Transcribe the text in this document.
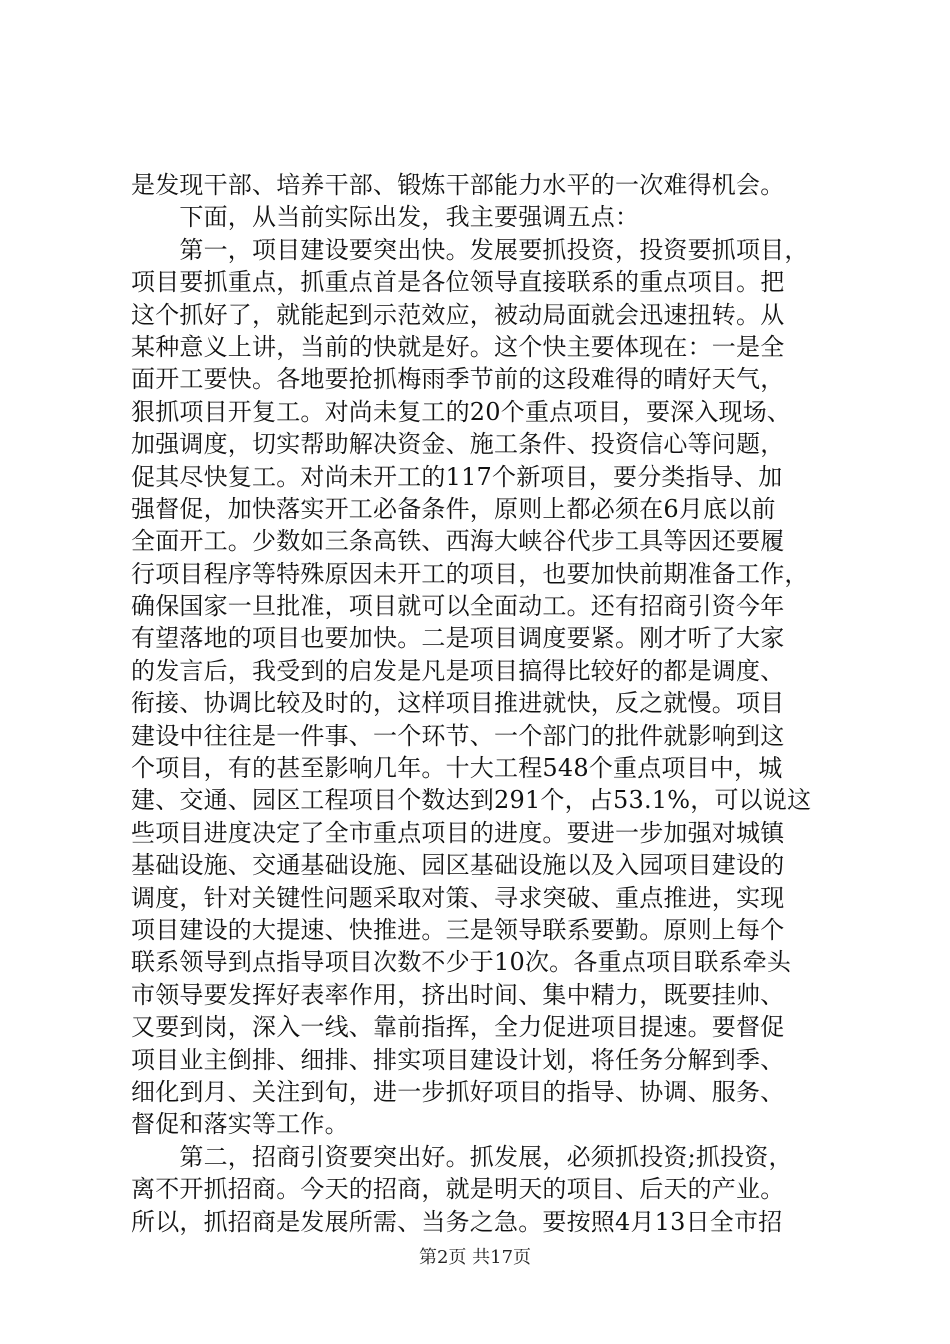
是发现干部、培养干部、锻炼干部能力水平的一次难得机会。
　　下面，从当前实际出发，我主要强调五点：
　　第一，项目建设要突出快。发展要抓投资，投资要抓项目，
项目要抓重点，抓重点首是各位领导直接联系的重点项目。把
这个抓好了，就能起到示范效应，被动局面就会迅速扭转。从
某种意义上讲，当前的快就是好。这个快主要体现在：一是全
面开工要快。各地要抢抓梅雨季节前的这段难得的晴好天气，
狠抓项目开复工。对尚未复工的20个重点项目，要深入现场、
加强调度，切实帮助解决资金、施工条件、投资信心等问题，
促其尽快复工。对尚未开工的117个新项目，要分类指导、加
强督促，加快落实开工必备条件，原则上都必须在6月底以前
全面开工。少数如三条高铁、西海大峡谷代步工具等因还要履
行项目程序等特殊原因未开工的项目，也要加快前期准备工作，
确保国家一旦批准，项目就可以全面动工。还有招商引资今年
有望落地的项目也要加快。二是项目调度要紧。刚才听了大家
的发言后，我受到的启发是凡是项目搞得比较好的都是调度、
衔接、协调比较及时的，这样项目推进就快，反之就慢。项目
建设中往往是一件事、一个环节、一个部门的批件就影响到这
个项目，有的甚至影响几年。十大工程548个重点项目中，城
建、交通、园区工程项目个数达到291个，占53.1%，可以说这
些项目进度决定了全市重点项目的进度。要进一步加强对城镇
基础设施、交通基础设施、园区基础设施以及入园项目建设的
调度，针对关键性问题采取对策、寻求突破、重点推进，实现
项目建设的大提速、快推进。三是领导联系要勤。原则上每个
联系领导到点指导项目次数不少于10次。各重点项目联系牵头
市领导要发挥好表率作用，挤出时间、集中精力，既要挂帅、
又要到岗，深入一线、靠前指挥，全力促进项目提速。要督促
项目业主倒排、细排、排实项目建设计划，将任务分解到季、
细化到月、关注到旬，进一步抓好项目的指导、协调、服务、
督促和落实等工作。
　　第二，招商引资要突出好。抓发展，必须抓投资;抓投资，
离不开抓招商。今天的招商，就是明天的项目、后天的产业。
所以，抓招商是发展所需、当务之急。要按照4月13日全市招
第2页 共17页
